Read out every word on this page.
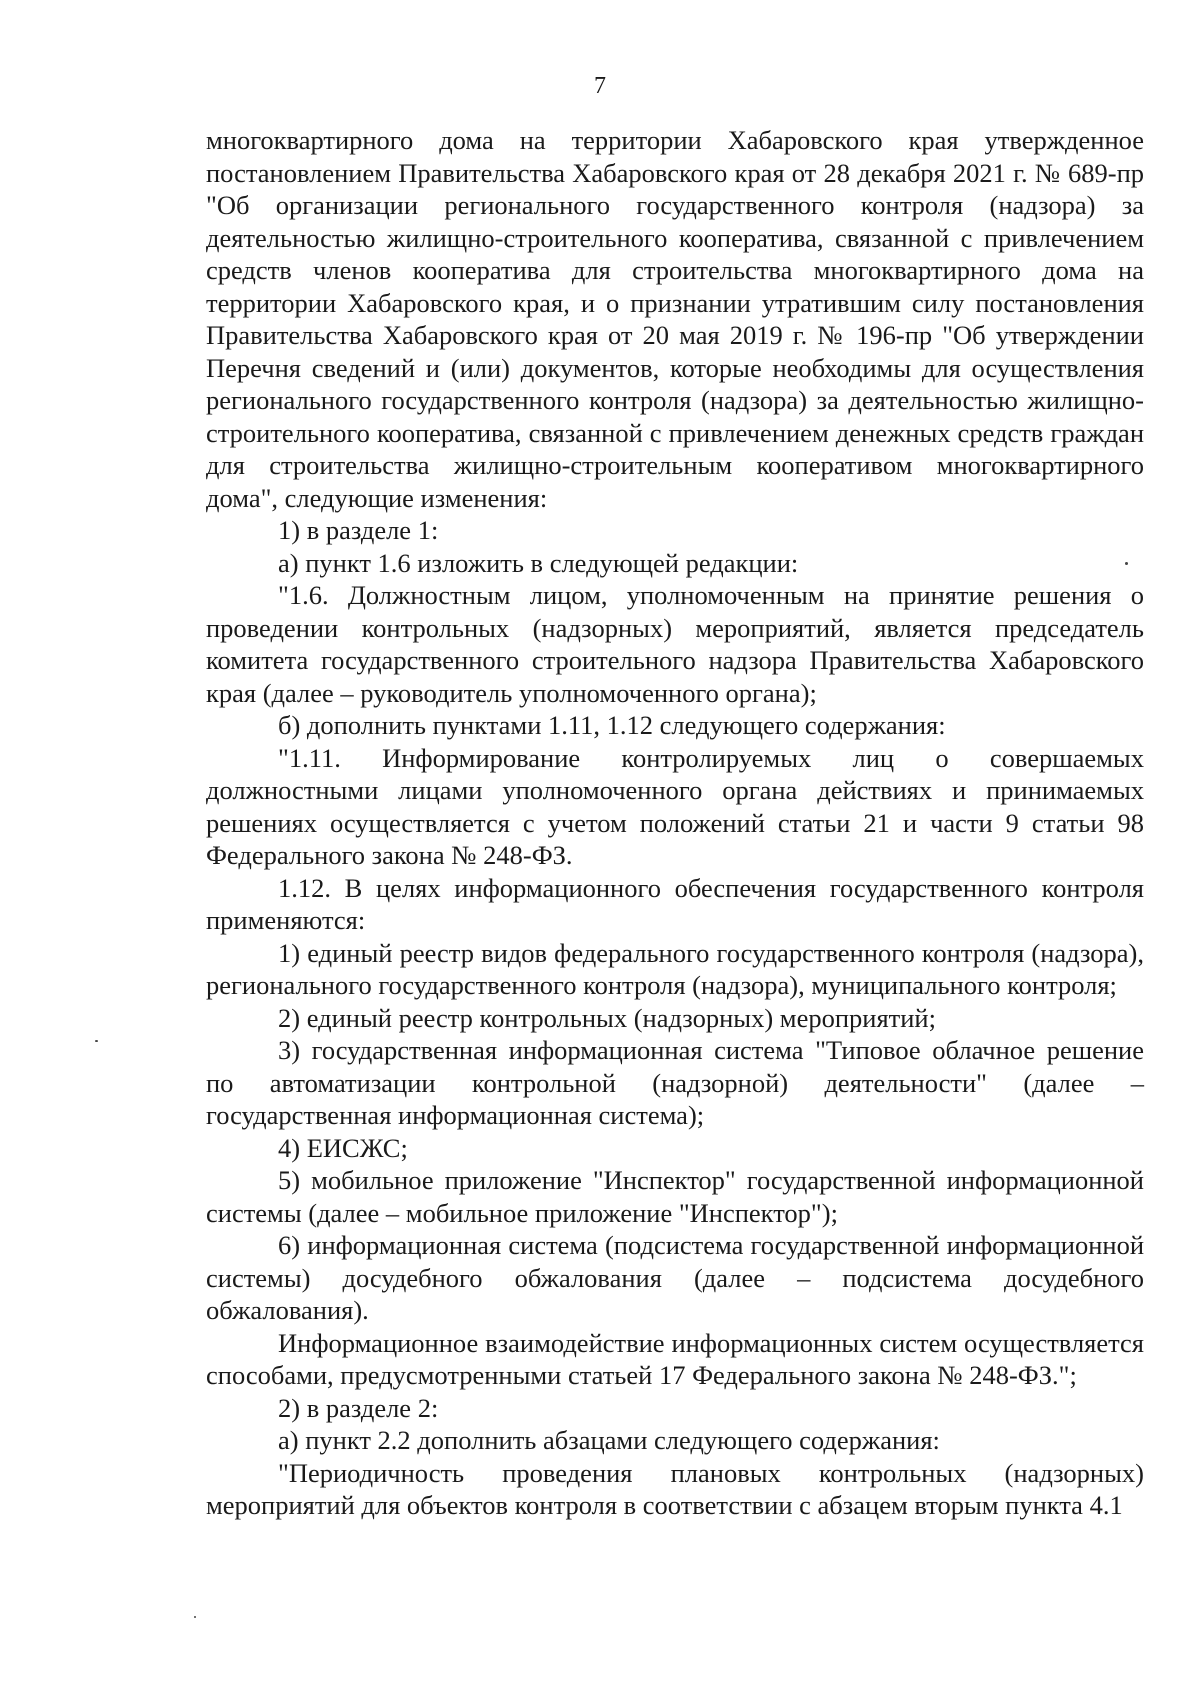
7

многоквартирного дома на территории Хабаровского края утвержденное постановлением Правительства Хабаровского края от 28 декабря 2021 г. № 689-пр "Об организации регионального государственного контроля (надзора) за деятельностью жилищно-строительного кооператива, связанной с привлечением средств членов кооператива для строительства многоквартирного дома на территории Хабаровского края, и о признании утратившим силу постановления Правительства Хабаровского края от 20 мая 2019 г. № 196-пр "Об утверждении Перечня сведений и (или) документов, которые необходимы для осуществления регионального государственного контроля (надзора) за деятельностью жилищно-строительного кооператива, связанной с привлечением денежных средств граждан для строительства жилищно-строительным кооперативом многоквартирного дома", следующие изменения:

1) в разделе 1:

а) пункт 1.6 изложить в следующей редакции:

"1.6. Должностным лицом, уполномоченным на принятие решения о проведении контрольных (надзорных) мероприятий, является председатель комитета государственного строительного надзора Правительства Хабаровского края (далее – руководитель уполномоченного органа);

б) дополнить пунктами 1.11, 1.12 следующего содержания:

"1.11. Информирование контролируемых лиц о совершаемых должностными лицами уполномоченного органа действиях и принимаемых решениях осуществляется с учетом положений статьи 21 и части 9 статьи 98 Федерального закона № 248-ФЗ.

1.12. В целях информационного обеспечения государственного контроля применяются:

1) единый реестр видов федерального государственного контроля (надзора), регионального государственного контроля (надзора), муниципального контроля;

2) единый реестр контрольных (надзорных) мероприятий;

3) государственная информационная система "Типовое облачное решение по автоматизации контрольной (надзорной) деятельности" (далее – государственная информационная система);

4) ЕИСЖС;

5) мобильное приложение "Инспектор" государственной информационной системы (далее – мобильное приложение "Инспектор");

6) информационная система (подсистема государственной информационной системы) досудебного обжалования (далее – подсистема досудебного обжалования).

Информационное взаимодействие информационных систем осуществляется способами, предусмотренными статьей 17 Федерального закона № 248-ФЗ.";

2) в разделе 2:

а) пункт 2.2 дополнить абзацами следующего содержания:

"Периодичность проведения плановых контрольных (надзорных) мероприятий для объектов контроля в соответствии с абзацем вторым пункта 4.1
